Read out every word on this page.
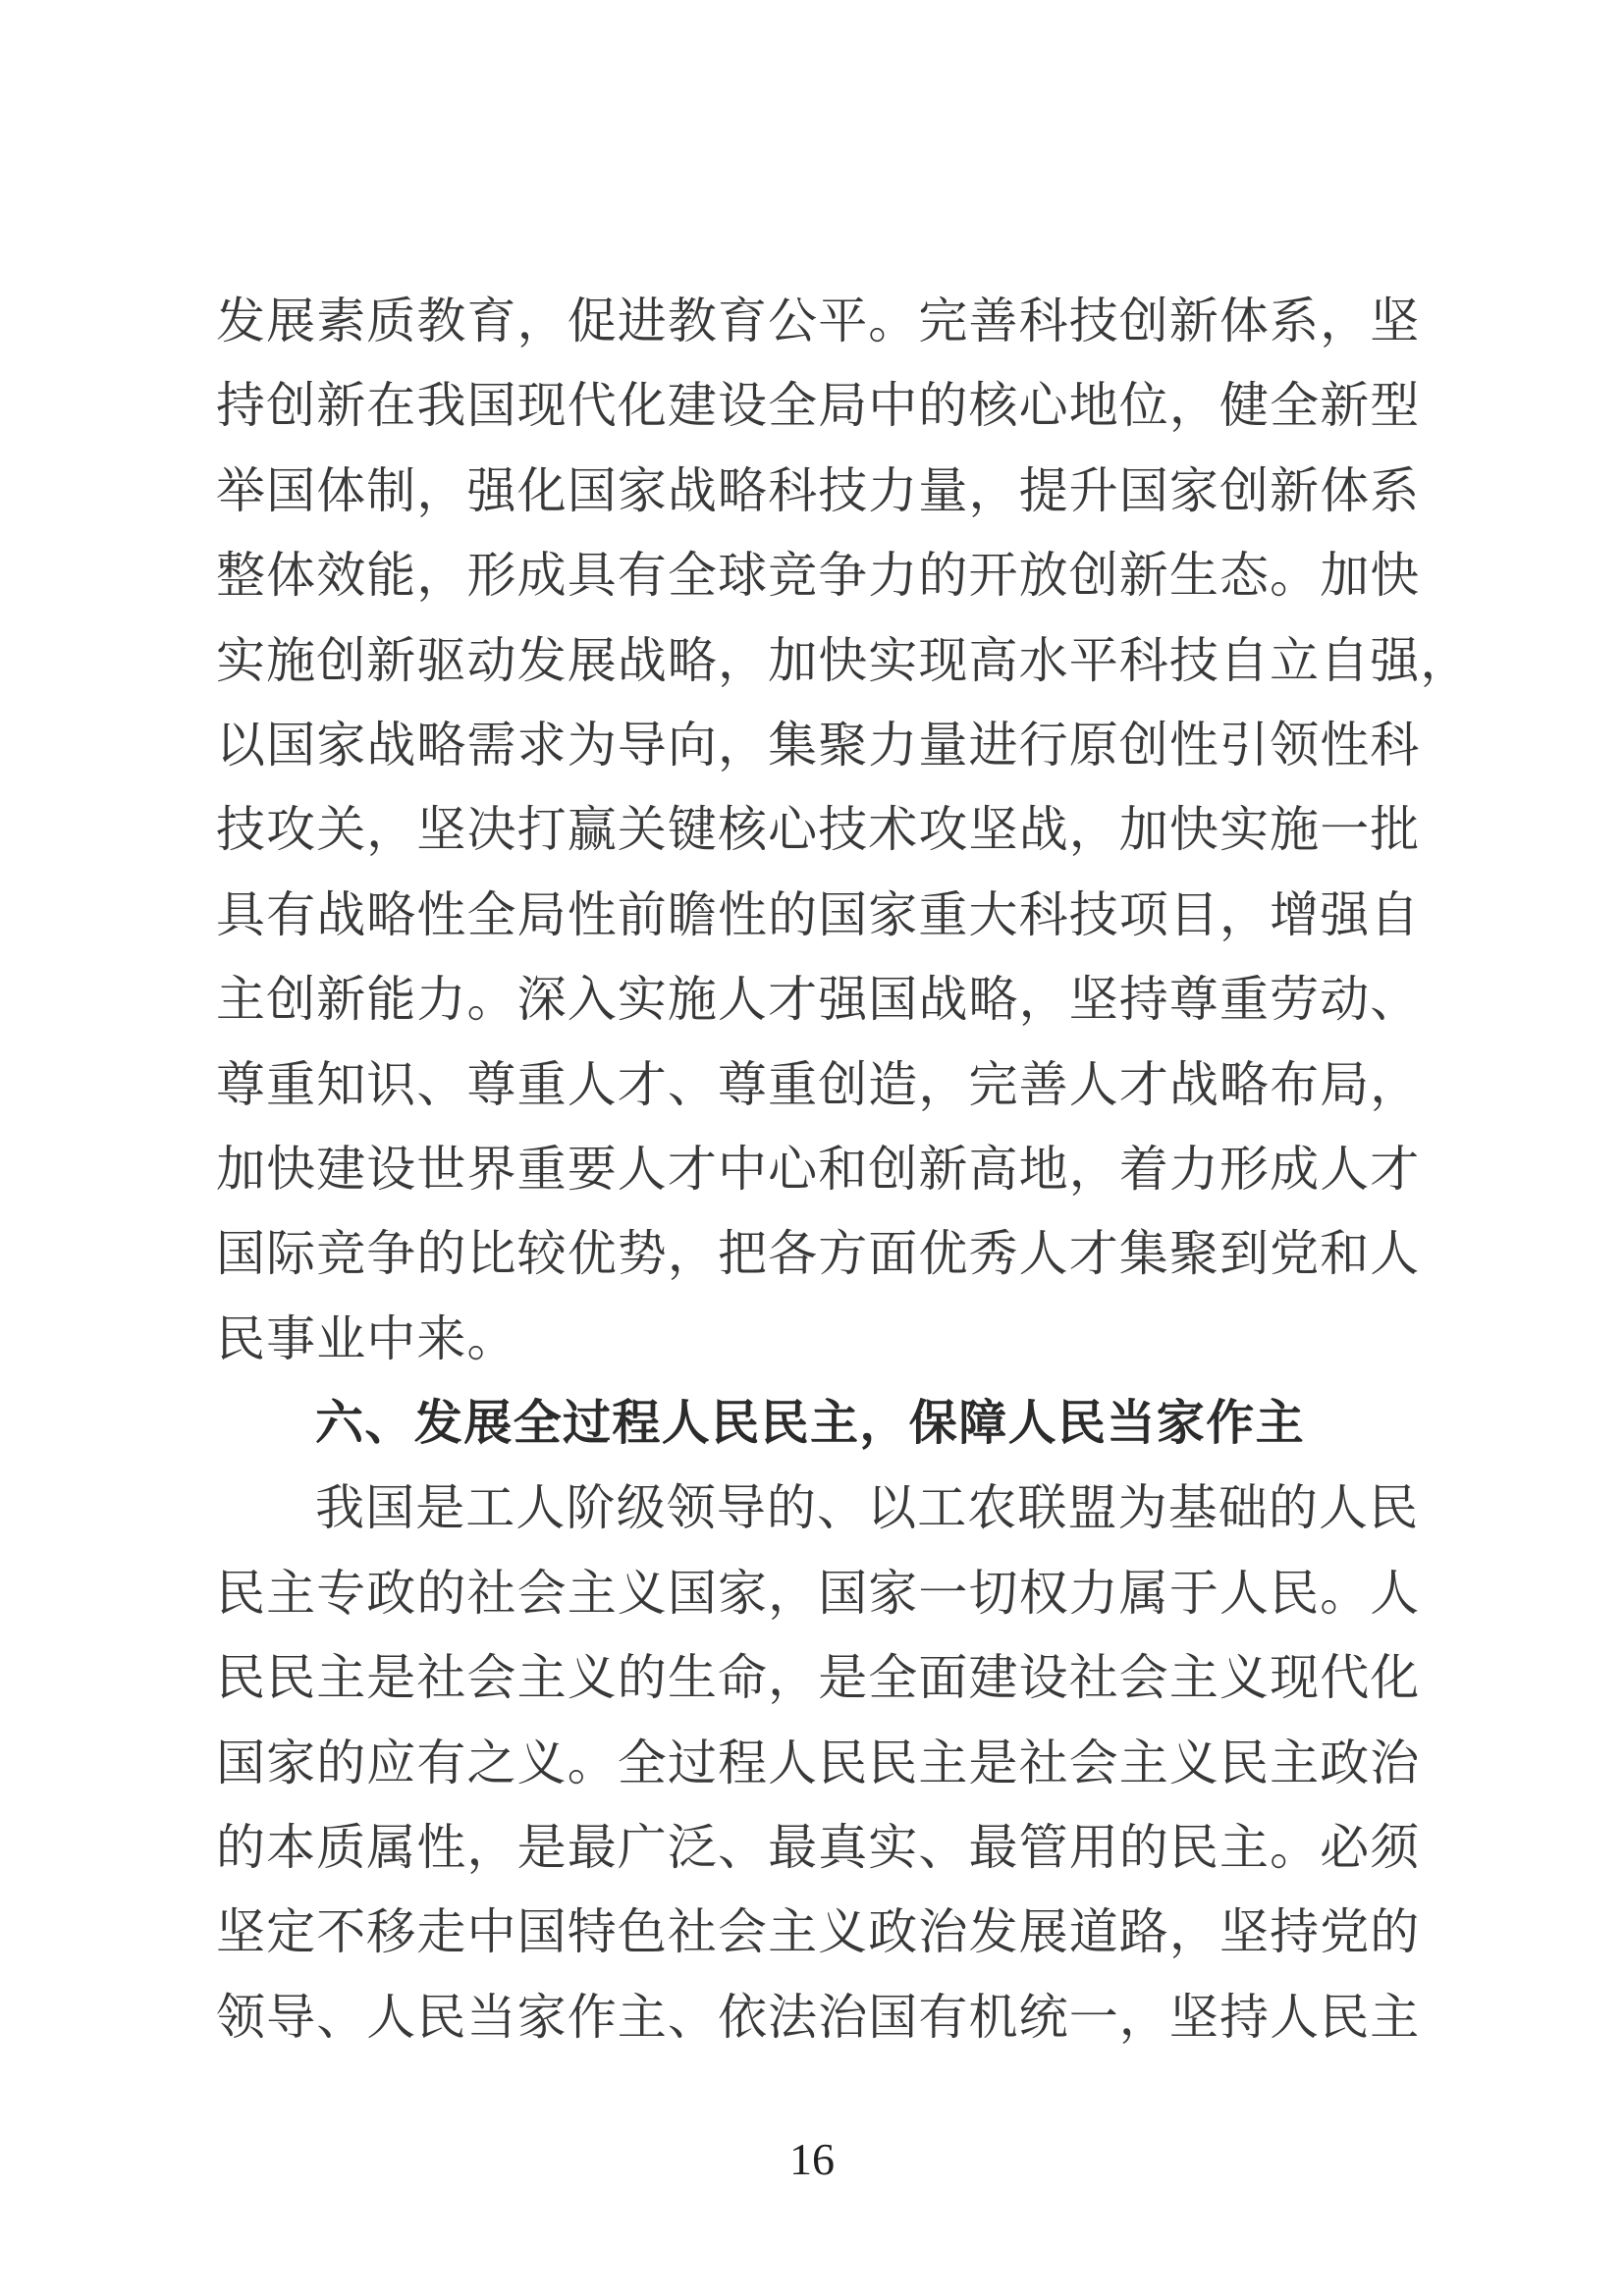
发展素质教育，促进教育公平。完善科技创新体系，坚
持创新在我国现代化建设全局中的核心地位，健全新型
举国体制，强化国家战略科技力量，提升国家创新体系
整体效能，形成具有全球竞争力的开放创新生态。加快
实施创新驱动发展战略，加快实现高水平科技自立自强，
以国家战略需求为导向，集聚力量进行原创性引领性科
技攻关，坚决打赢关键核心技术攻坚战，加快实施一批
具有战略性全局性前瞻性的国家重大科技项目，增强自
主创新能力。深入实施人才强国战略，坚持尊重劳动、
尊重知识、尊重人才、尊重创造，完善人才战略布局，
加快建设世界重要人才中心和创新高地，着力形成人才
国际竞争的比较优势，把各方面优秀人才集聚到党和人
民事业中来。
六、发展全过程人民民主，保障人民当家作主
我国是工人阶级领导的、以工农联盟为基础的人民
民主专政的社会主义国家，国家一切权力属于人民。人
民民主是社会主义的生命，是全面建设社会主义现代化
国家的应有之义。全过程人民民主是社会主义民主政治
的本质属性，是最广泛、最真实、最管用的民主。必须
坚定不移走中国特色社会主义政治发展道路，坚持党的
领导、人民当家作主、依法治国有机统一，坚持人民主
16
